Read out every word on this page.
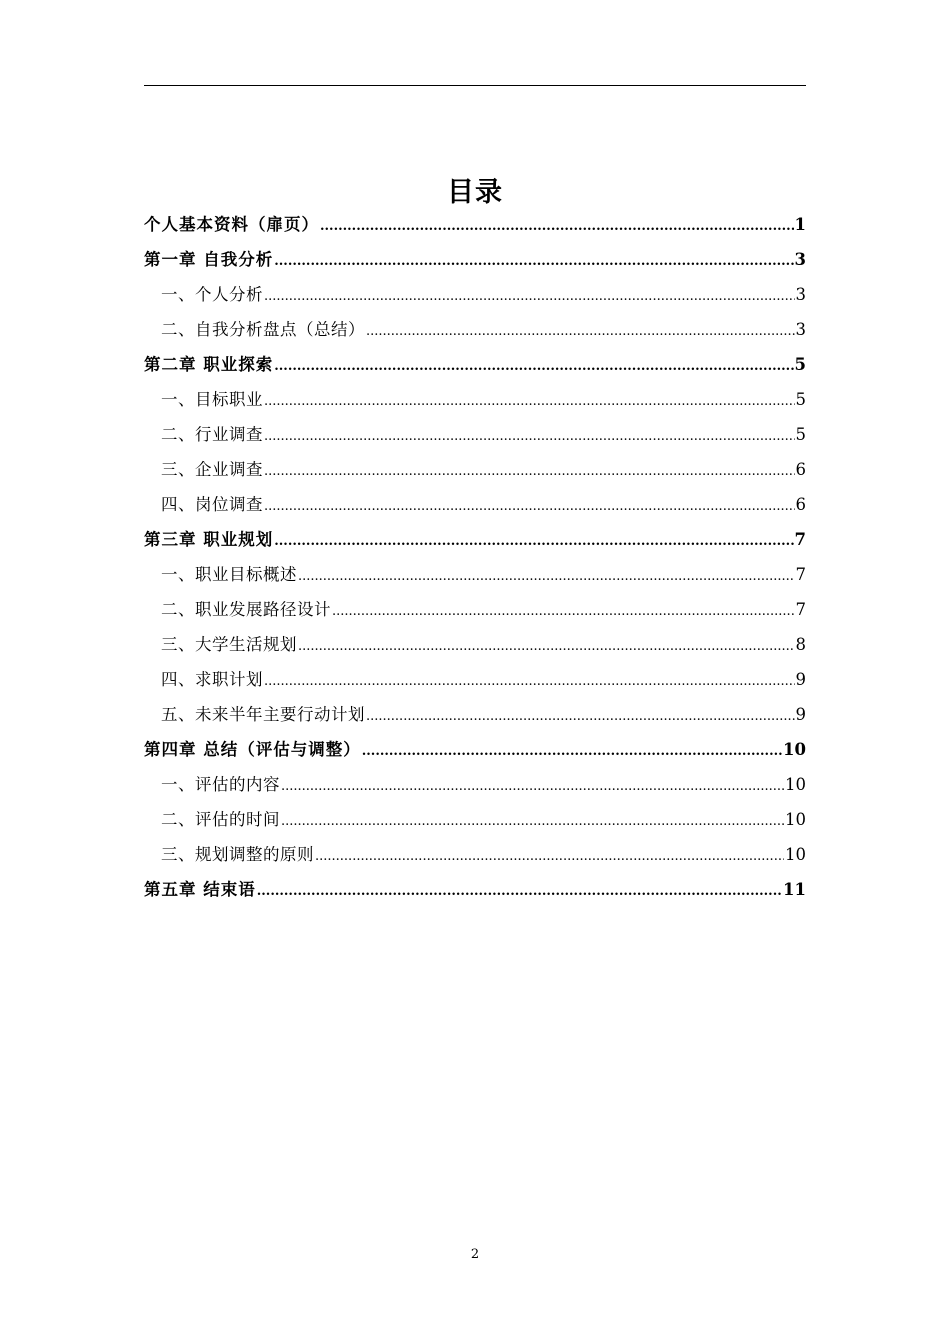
目录
个人基本资料（扉页） .....	1
第一章 自我分析 .....	3
一、个人分析 .....	3
二、自我分析盘点（总结） .....	3
第二章 职业探索 .....	5
一、目标职业 .....	5
二、行业调查 .....	5
三、企业调查 .....	6
四、岗位调查 .....	6
第三章 职业规划 .....	7
一、职业目标概述 .....	7
二、职业发展路径设计 .....	7
三、大学生活规划 .....	8
四、求职计划 .....	9
五、未来半年主要行动计划 .....	9
第四章 总结（评估与调整） .....	10
一、评估的内容 .....	10
二、评估的时间 .....	10
三、规划调整的原则 .....	10
第五章 结束语 .....	11
2
